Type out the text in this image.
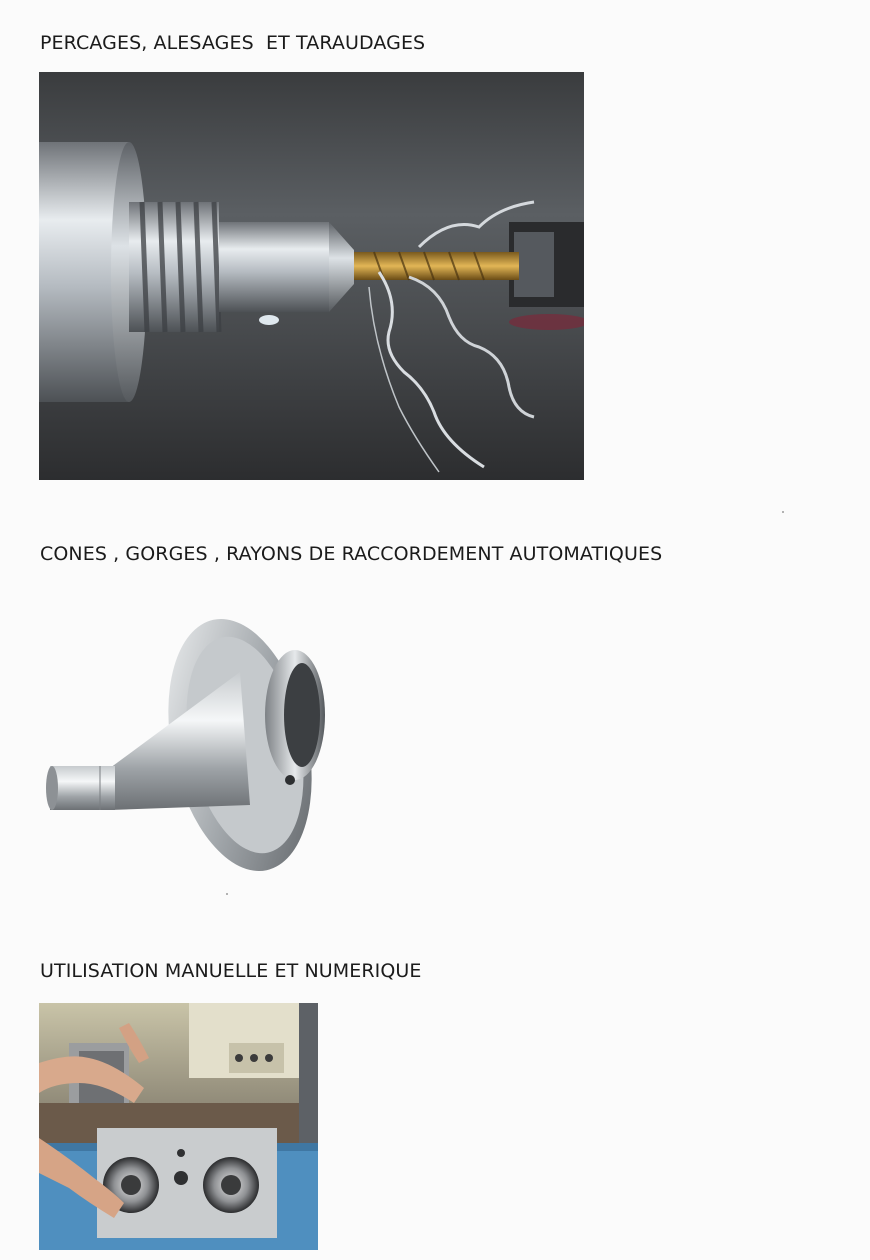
PERCAGES, ALESAGES  ET TARAUDAGES
CONES , GORGES , RAYONS DE RACCORDEMENT AUTOMATIQUES
UTILISATION MANUELLE ET NUMERIQUE
